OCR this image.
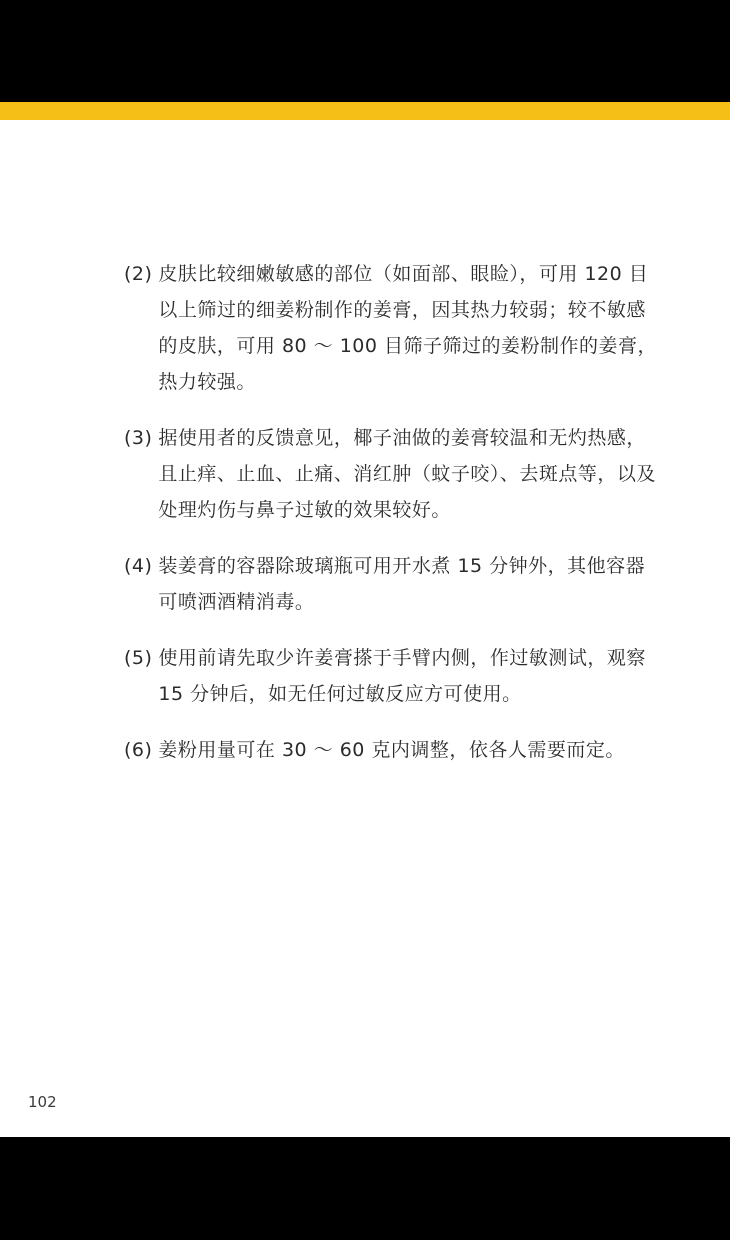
(2) 皮肤比较细嫩敏感的部位（如面部、眼睑），可用 120 目以上筛过的细姜粉制作的姜膏，因其热力较弱；较不敏感的皮肤，可用 80 ～ 100 目筛子筛过的姜粉制作的姜膏，热力较强。
(3) 据使用者的反馈意见，椰子油做的姜膏较温和无灼热感，且止痒、止血、止痛、消红肿（蚊子咬）、去斑点等，以及处理灼伤与鼻子过敏的效果较好。
(4) 装姜膏的容器除玻璃瓶可用开水煮 15 分钟外，其他容器可喷洒酒精消毒。
(5) 使用前请先取少许姜膏搽于手臂内侧，作过敏测试，观察 15 分钟后，如无任何过敏反应方可使用。
(6) 姜粉用量可在 30 ～ 60 克内调整，依各人需要而定。
102
